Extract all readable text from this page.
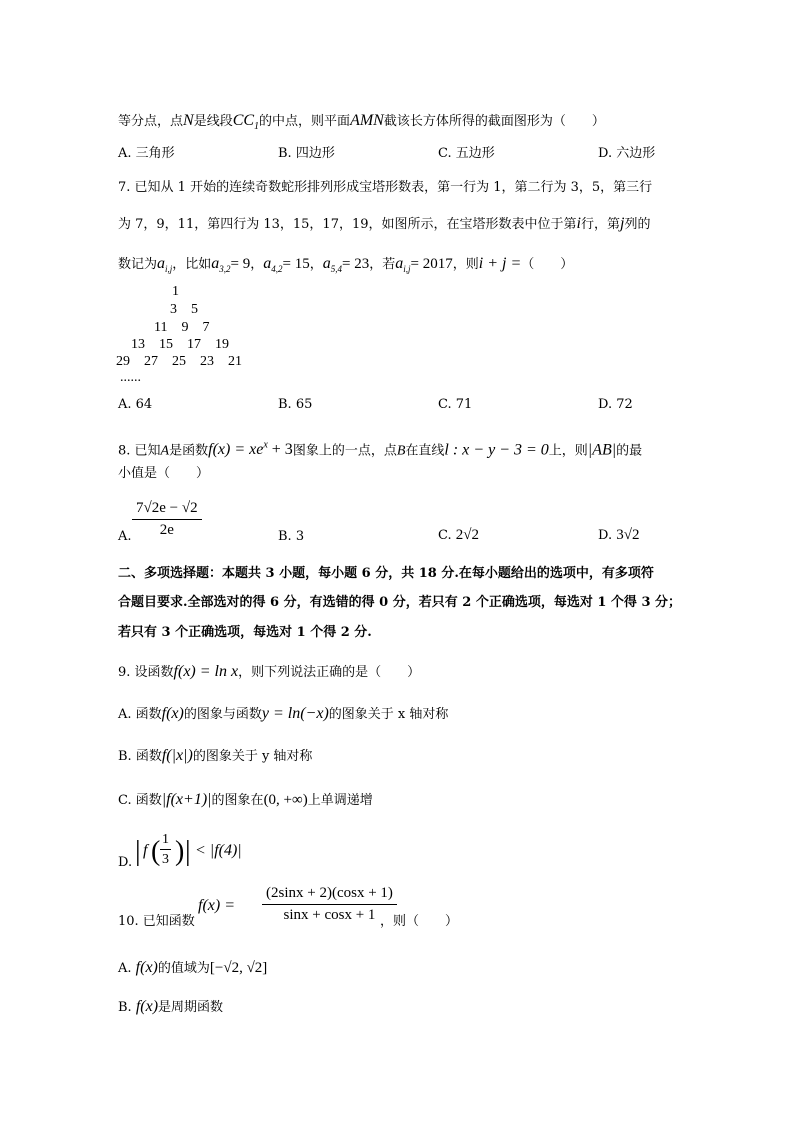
等分点，点N是线段$CC_1$的中点，则平面AMN截该长方体所得的截面图形为（　　）
A. 三角形	B. 四边形	C. 五边形	D. 六边形
7. 已知从 1 开始的连续奇数蛇形排列形成宝塔形数表，第一行为 1，第二行为 3，5，第三行
为 7，9，11，第四行为 13，15，17，19，如图所示，在宝塔形数表中位于第i行，第j列的
数记为$a_{i,j}$，比如$a_{3,2}= 9$，$a_{4,2}= 15$，$a_{5,4}= 23$，若$a_{i,j}= 2017$，则i + j =（　　）
1
3    5
11    9    7
13    15    17    19
29    27    25    23    21
......
A. 64	B. 65	C. 71	D. 72
8. 已知A是函数$f(x) = xe^x + 3$图象上的一点，点B在直线l : x − y − 3 = 0上，则|AB|的最
小值是（　　）
A. $\frac{7√2e - √2}{2e}$	B. 3	C. 2√2	D. 3√2
二、多项选择题：本题共 3 小题，每小题 6 分，共 18 分.在每小题给出的选项中，有多项符
合题目要求.全部选对的得 6 分，有选错的得 0 分，若只有 2 个正确选项，每选对 1 个得 3 分；
若只有 3 个正确选项，每选对 1 个得 2 分.
9. 设函数f(x) = ln x，则下列说法正确的是（　　）
A. 函数f(x)的图象与函数y = ln(−x)的图象关于 x 轴对称
B. 函数f(|x|)的图象关于 y 轴对称
C. 函数|f(x+1)|的图象在(0, +∞)上单调递增
D. | f ( $\frac{1}{3}$ ) | < |f(4)|
10. 已知函数
$f(x) = \frac{(2\sin x + 2)(\cos x + 1)}{\sin x + \cos x + 1}$
，则（　　）
A. f(x)的值域为[−√2, √2]
B. f(x)是周期函数
